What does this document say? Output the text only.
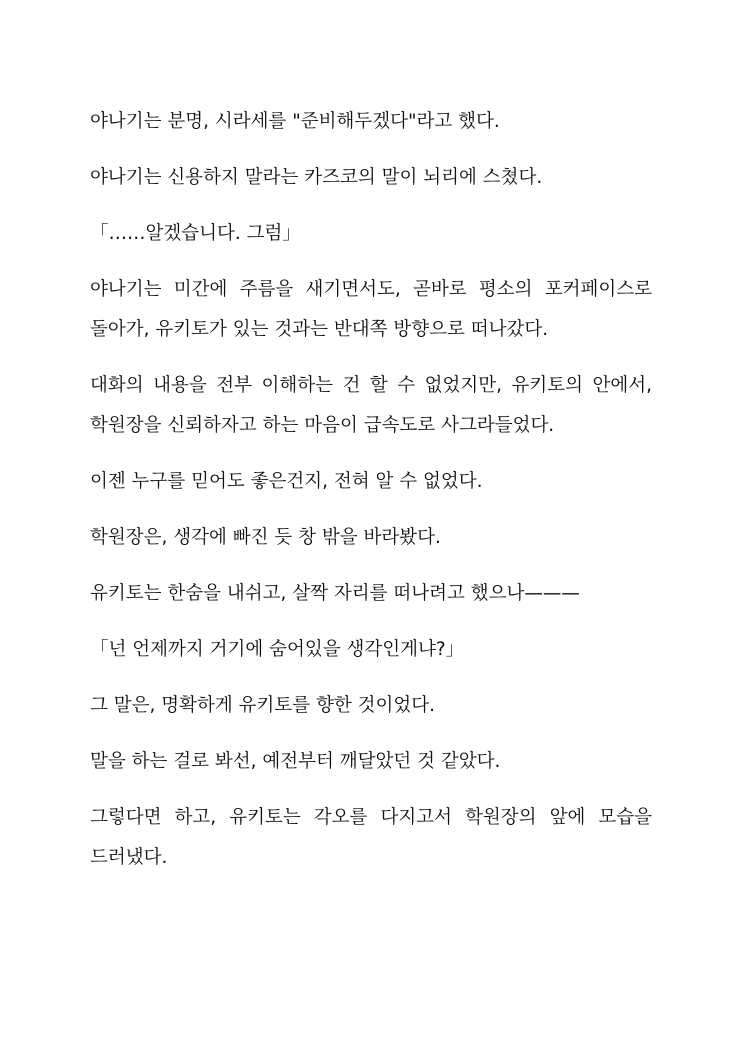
야나기는 분명, 시라세를 "준비해두겠다"라고 했다.

야나기는 신용하지 말라는 카즈코의 말이 뇌리에 스쳤다.

「……알겠습니다. 그럼」

야나기는 미간에 주름을 새기면서도, 곧바로 평소의 포커페이스로 돌아가, 유키토가 있는 것과는 반대쪽 방향으로 떠나갔다.

대화의 내용을 전부 이해하는 건 할 수 없었지만, 유키토의 안에서, 학원장을 신뢰하자고 하는 마음이 급속도로 사그라들었다.

이젠 누구를 믿어도 좋은건지, 전혀 알 수 없었다.

학원장은, 생각에 빠진 듯 창 밖을 바라봤다.

유키토는 한숨을 내쉬고, 살짝 자리를 떠나려고 했으나———

「넌 언제까지 거기에 숨어있을 생각인게냐?」

그 말은, 명확하게 유키토를 향한 것이었다.

말을 하는 걸로 봐선, 예전부터 깨달았던 것 같았다.

그렇다면 하고, 유키토는 각오를 다지고서 학원장의 앞에 모습을 드러냈다.
